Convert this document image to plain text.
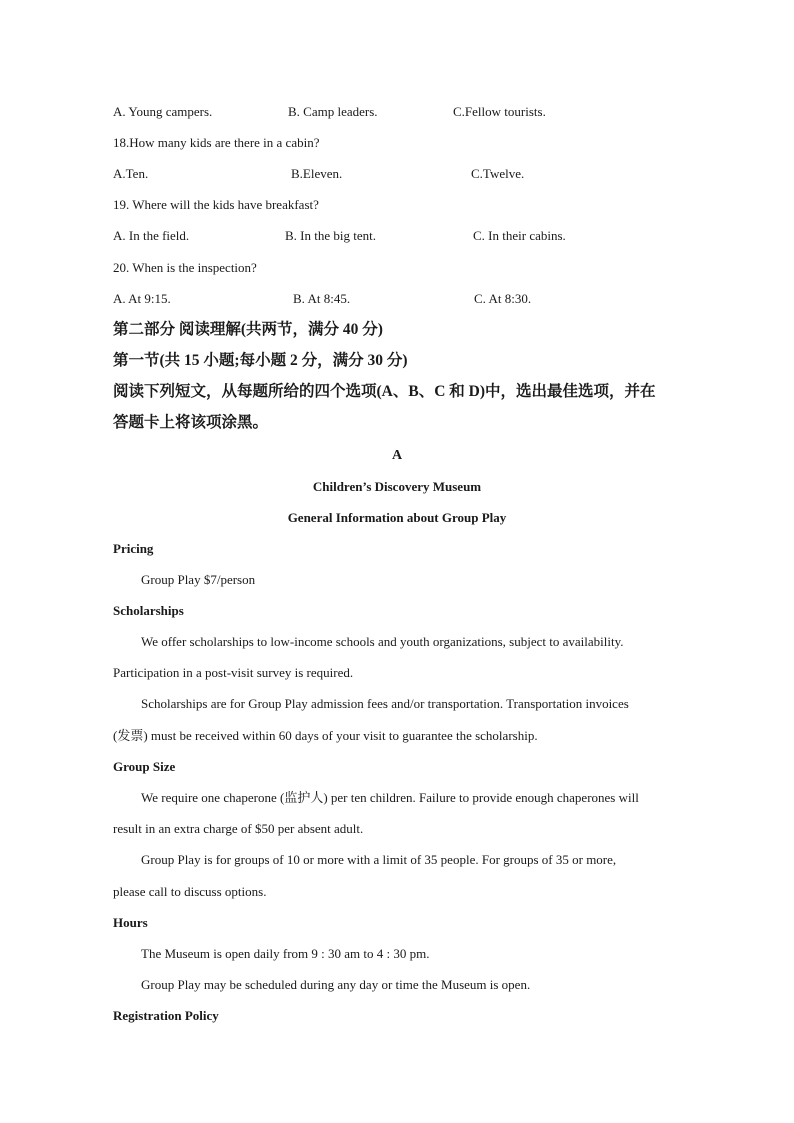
A. Young campers.	B. Camp leaders.	C.Fellow tourists.
18.How many kids are there in a cabin?
A.Ten.	B.Eleven.	C.Twelve.
19. Where will the kids have breakfast?
A. In the field.	B. In the big tent.	C. In their cabins.
20. When is the inspection?
A. At 9:15.	B. At 8:45.	C. At 8:30.
第二部分 阅读理解(共两节，满分 40 分)
第一节(共 15 小题;每小题 2 分，满分 30 分)
阅读下列短文，从每题所给的四个选项(A、B、C 和 D)中，选出最佳选项，并在
答题卡上将该项涂黑。
A
Children’s Discovery Museum
General Information about Group Play
Pricing
Group Play $7/person
Scholarships
We offer scholarships to low-income schools and youth organizations, subject to availability.
Participation in a post-visit survey is required.
Scholarships are for Group Play admission fees and/or transportation. Transportation invoices
(发票) must be received within 60 days of your visit to guarantee the scholarship.
Group Size
We require one chaperone (监护人) per ten children. Failure to provide enough chaperones will
result in an extra charge of $50 per absent adult.
Group Play is for groups of 10 or more with a limit of 35 people. For groups of 35 or more,
please call to discuss options.
Hours
The Museum is open daily from 9 : 30 am to 4 : 30 pm.
Group Play may be scheduled during any day or time the Museum is open.
Registration Policy
